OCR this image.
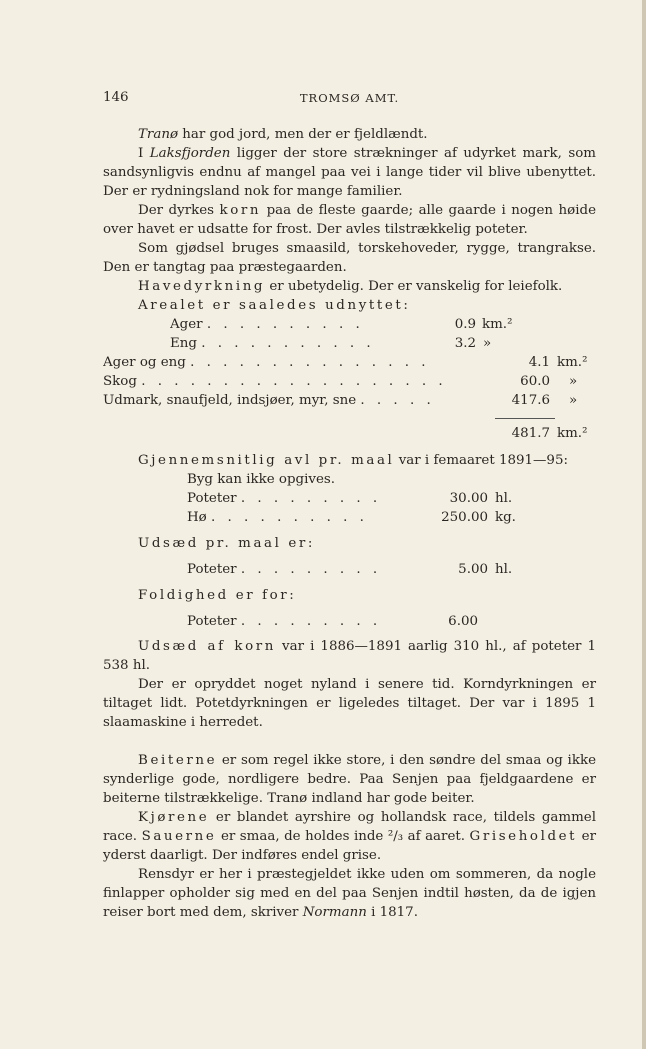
146	TROMSØ AMT.

Tranø har god jord, men der er fjeldlændt.

I Laksfjorden ligger der store strækninger af udyrket mark, som sandsynligvis endnu af mangel paa vei i lange tider vil blive ubenyttet. Der er rydningsland nok for mange familier.

Der dyrkes korn paa de fleste gaarde; alle gaarde i nogen høide over havet er udsatte for frost. Der avles tilstrækkelig poteter.

Som gjødsel bruges smaasild, torskehoveder, rygge, trangrakse. Den er tangtag paa præstegaarden.

Havedyrkning er ubetydelig. Der er vanskelig for leiefolk.

Arealet er saaledes udnyttet:

Ager . . . . . . . . . .	0.9 km.²
Eng . . . . . . . . . . .	3.2 »
Ager og eng . . . . . . . . . . . . . . .	4.1 km.²
Skog . . . . . . . . . . . . . . . . . . .	60.0 »
Udmark, snaufjeld, indsjøer, myr, sne . . . . .	417.6 »
481.7 km.²

Gjennemsnitlig avl pr. maal var i femaaret 1891—95:

Byg kan ikke opgives.
Poteter . . . . . . . . .	30.00 hl.
Hø . . . . . . . . . .	250.00 kg.
Udsæd pr. maal er:
Poteter . . . . . . . . .	5.00 hl.
Foldighed er for:
Poteter . . . . . . . . .	6.00

Udsæd af korn var i 1886—1891 aarlig 310 hl., af poteter 1 538 hl.

Der er opryddet noget nyland i senere tid. Korndyrkningen er tiltaget lidt. Potetdyrkningen er ligeledes tiltaget. Der var i 1895 1 slaamaskine i herredet.

Beiterne er som regel ikke store, i den søndre del smaa og ikke synderlige gode, nordligere bedre. Paa Senjen paa fjeldgaardene er beiterne tilstrækkelige. Tranø indland har gode beiter.

Kjørene er blandet ayrshire og hollandsk race, tildels gammel race. Sauerne er smaa, de holdes inde ²/₃ af aaret. Griseholdet er yderst daarligt. Der indføres endel grise.

Rensdyr er her i præstegjeldet ikke uden om sommeren, da nogle finlapper opholder sig med en del paa Senjen indtil høsten, da de igjen reiser bort med dem, skriver Normann i 1817.
